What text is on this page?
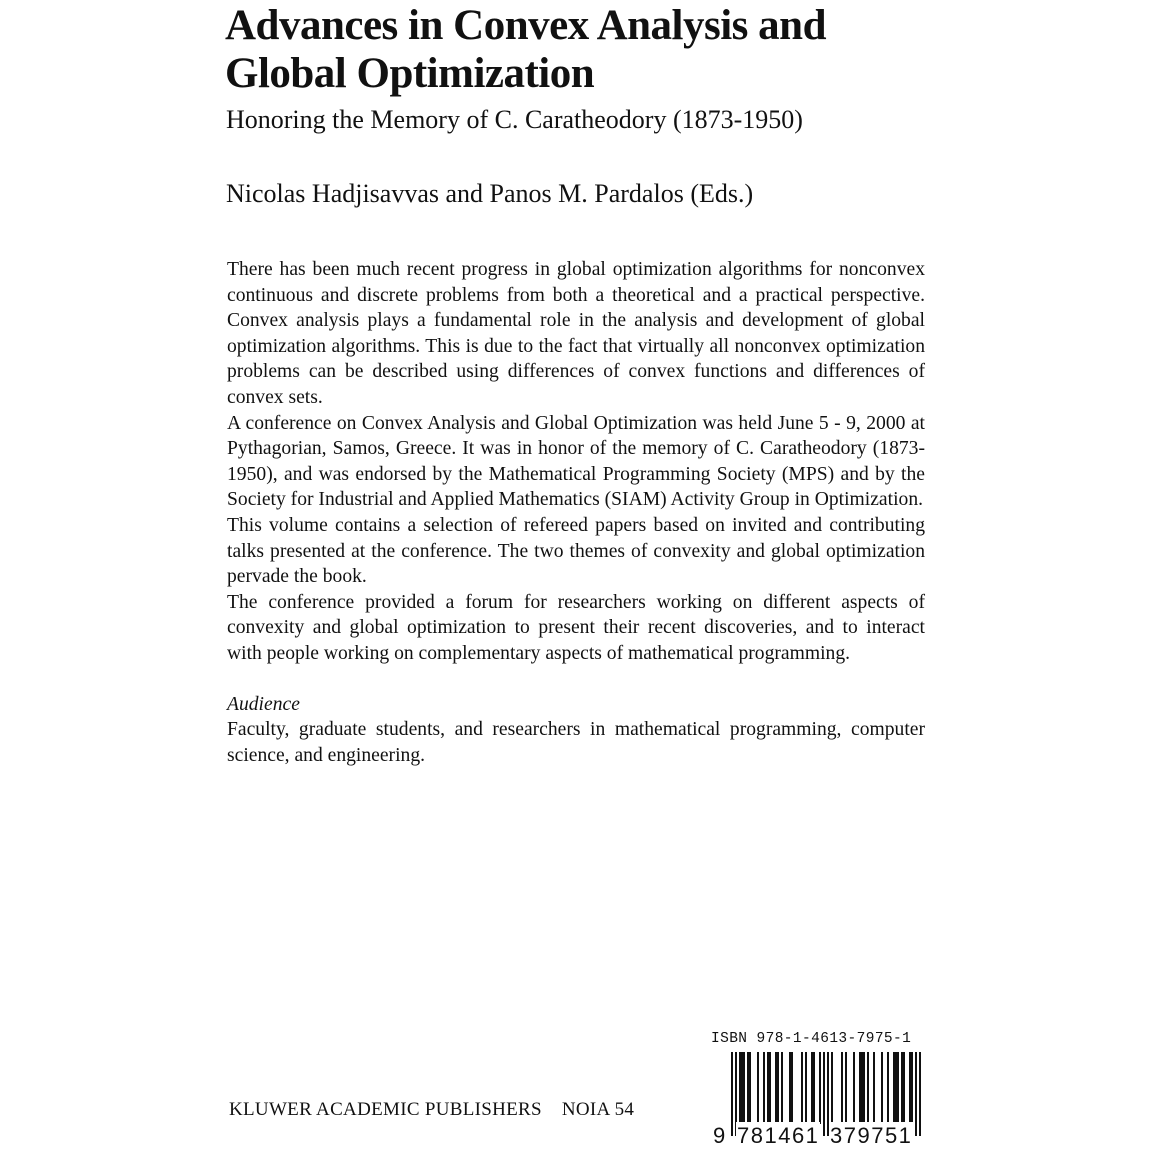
Advances in Convex Analysis and Global Optimization
Honoring the Memory of C. Caratheodory (1873-1950)
Nicolas Hadjisavvas and Panos M. Pardalos (Eds.)

There has been much recent progress in global optimization algorithms for nonconvex continuous and discrete problems from both a theoretical and a practical perspective. Convex analysis plays a fundamental role in the analysis and development of global optimization algorithms. This is due to the fact that virtually all nonconvex optimization problems can be described using differences of convex functions and differences of convex sets.

A conference on Convex Analysis and Global Optimization was held June 5 - 9, 2000 at Pythagorian, Samos, Greece. It was in honor of the memory of C. Caratheodory (1873-1950), and was endorsed by the Mathematical Programming Society (MPS) and by the Society for Industrial and Applied Mathematics (SIAM) Activity Group in Optimization.

This volume contains a selection of refereed papers based on invited and contributing talks presented at the conference. The two themes of convexity and global optimization pervade the book.

The conference provided a forum for researchers working on different aspects of convexity and global optimization to present their recent discoveries, and to interact with people working on complementary aspects of mathematical programming.

Audience

Faculty, graduate students, and researchers in mathematical programming, computer science, and engineering.

ISBN 978-1-4613-7975-1
9 781461 379751
KLUWER ACADEMIC PUBLISHERS NOIA 54
